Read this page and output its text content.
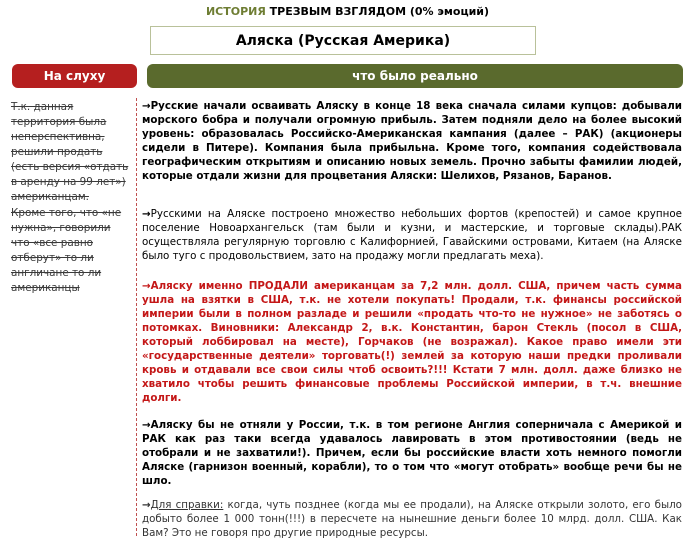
ИСТОРИЯ ТРЕЗВЫМ ВЗГЛЯДОМ (0% эмоций)
Аляска (Русская Америка)
На слуху	что было реально

Т.к. данная территория была неперспективна, решили продать (есть версия «отдать в аренду на 99 лет») американцам.

Кроме того, что «не нужна», говорили что «все равно отберут» то ли англичане то ли американцы

→Русские начали осваивать Аляску в конце 18 века сначала силами купцов: добывали морского бобра и получали огромную прибыль. Затем подняли дело на более высокий уровень: образовалась Российско-Американская кампания (далее – РАК) (акционеры сидели в Питере). Компания была прибыльна. Кроме того, компания содействовала географическим открытиям и описанию новых земель. Прочно забыты фамилии людей, которые отдали жизни для процветания Аляски: Шелихов, Рязанов, Баранов.
→Русскими на Аляске построено множество небольших фортов (крепостей) и самое крупное поселение Новоархангельск (там были и кузни, и мастерские, и торговые склады).РАК осуществляла регулярную торговлю с Калифорнией, Гавайскими островами, Китаем (на Аляске было туго с продовольствием, зато на продажу могли предлагать меха).
→Аляску именно ПРОДАЛИ американцам за 7,2 млн. долл. США, причем часть сумма ушла на взятки в США, т.к. не хотели покупать! Продали, т.к. финансы российской империи были в полном разладе и решили «продать что-то не нужное» не заботясь о потомках. Виновники: Александр 2, в.к. Константин, барон Стекль (посол в США, который лоббировал на месте), Горчаков (не возражал). Какое право имели эти «государственные деятели» торговать(!) землей за которую наши предки проливали кровь и отдавали все свои силы чтоб освоить?!!! Кстати 7 млн. долл. даже близко не хватило чтобы решить финансовые проблемы Российской империи, в т.ч. внешние долги.
→Аляску бы не отняли у России, т.к. в том регионе Англия соперничала с Америкой и РАК как раз таки всегда удавалось лавировать в этом противостоянии (ведь не отобрали и не захватили!). Причем, если бы российские власти хоть немного помогли Аляске (гарнизон военный, корабли), то о том что «могут отобрать» вообще речи бы не шло.
→Для справки: когда, чуть позднее (когда мы ее продали), на Аляске открыли золото, его было добыто более 1 000 тонн(!!!) в пересчете на нынешние деньги более 10 млрд. долл. США. Как Вам? Это не говоря про другие природные ресурсы.
